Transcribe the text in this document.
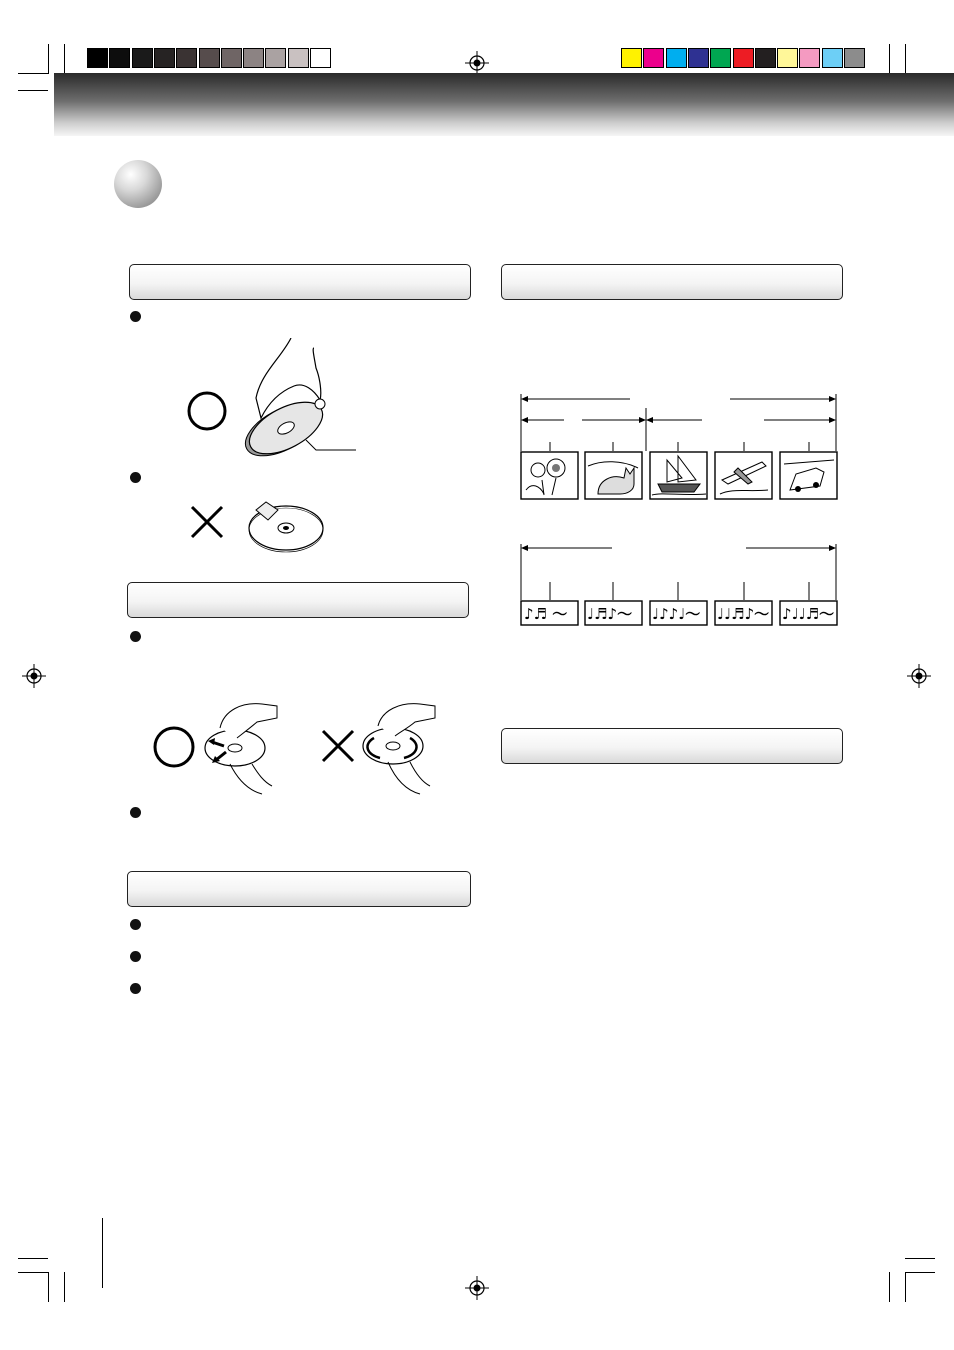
♪♬ ～ ♩♬♪～ ♩♪♪♩～ ♩♩♬♪～ ♪♩♩♬～
